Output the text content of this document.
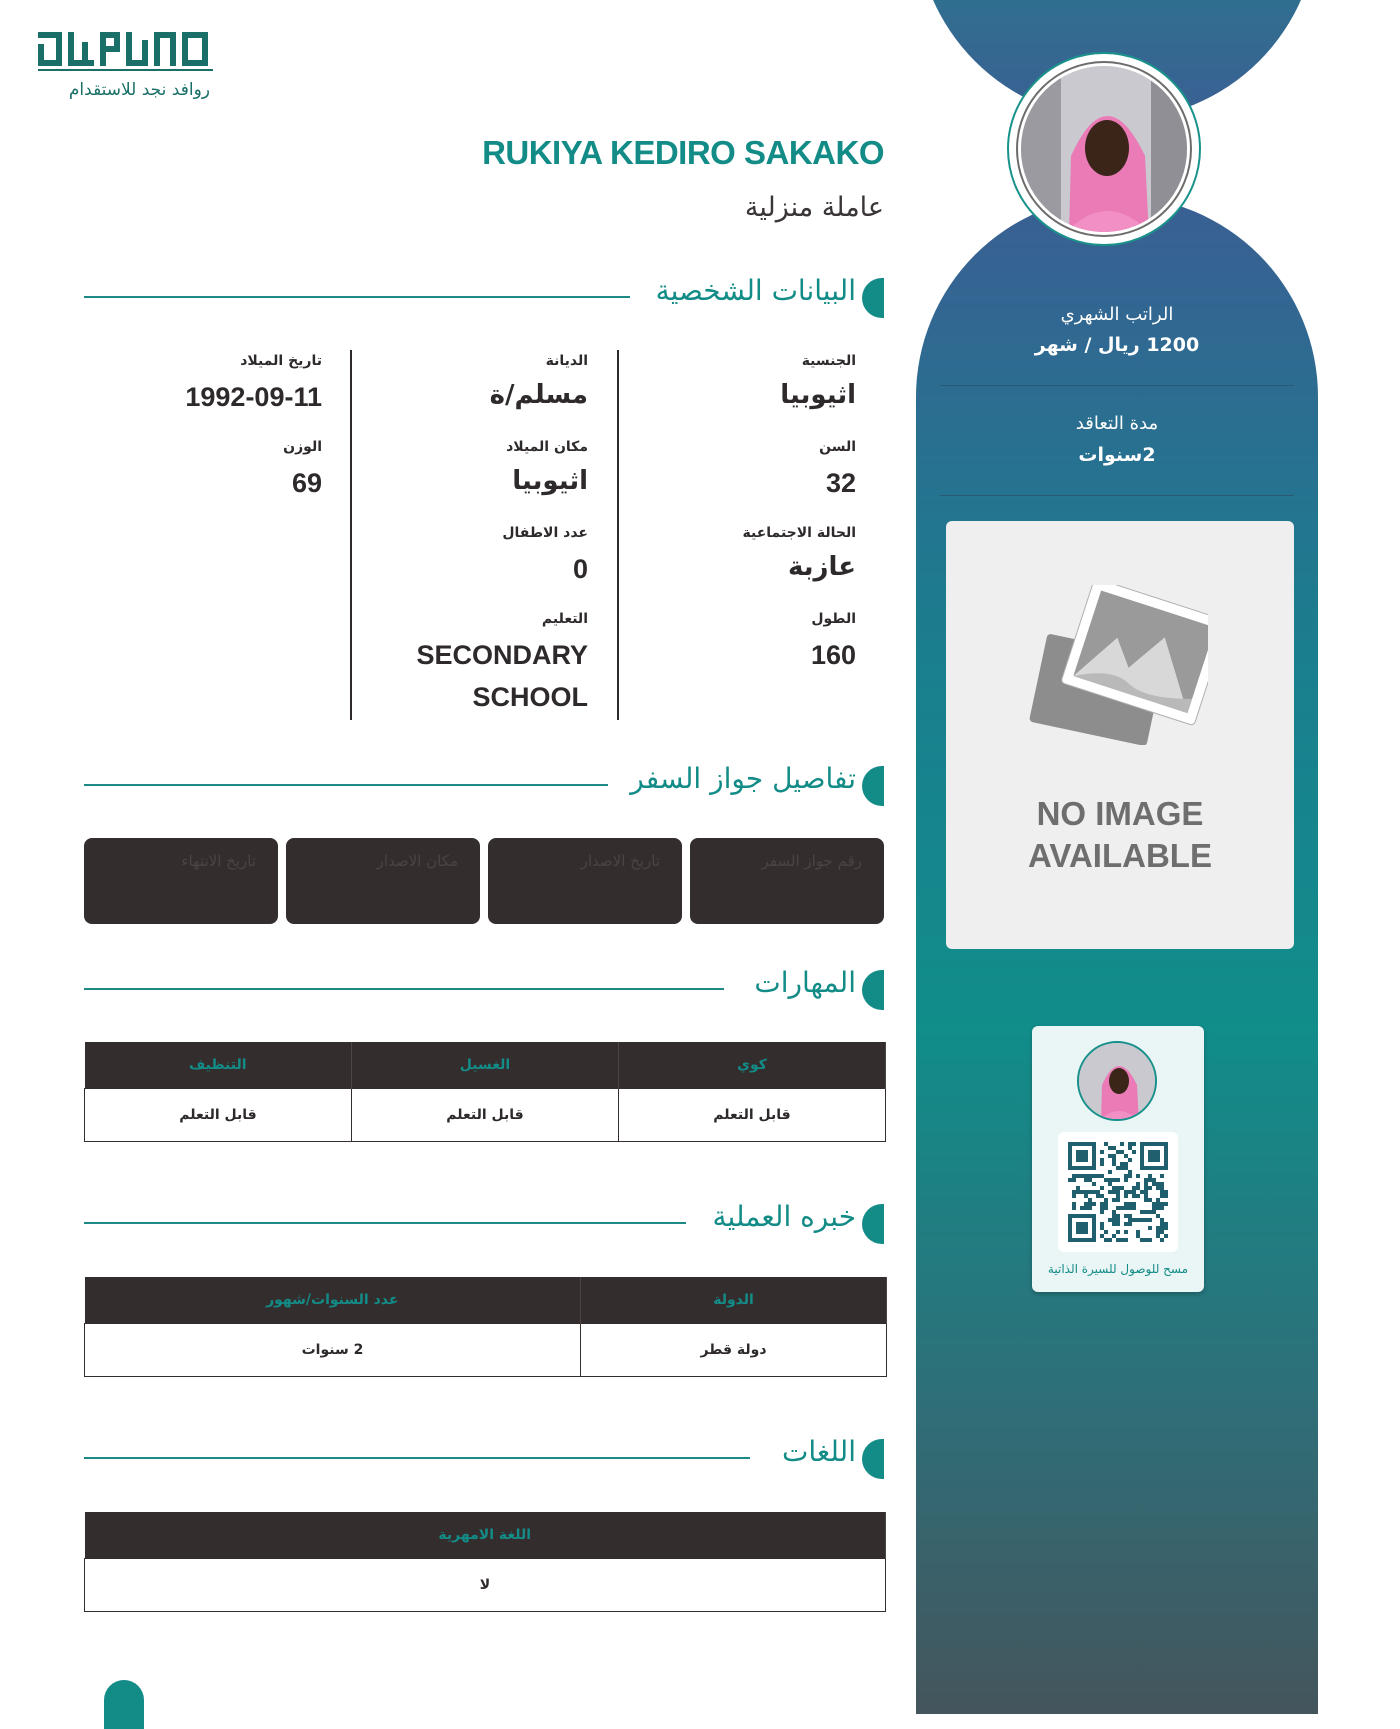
روافد نجد للاستقدام
RUKIYA KEDIRO SAKAKO
عاملة منزلية
البيانات الشخصية
الجنسية
اثيوبيا
السن
32
الحالة الاجتماعية
عازبة
الطول
160
الديانة
مسلم/ة
مكان الميلاد
اثيوبيا
عدد الاطفال
0
التعليم
SECONDARY
SCHOOL
تاريخ الميلاد
1992-09-11
الوزن
69
تفاصيل جواز السفر
رقم جواز السفر
تاريخ الاصدار
مكان الاصدار
تاريخ الانتهاء
المهارات
كوي	الغسيل	التنظيف
قابل التعلم	قابل التعلم	قابل التعلم
خبره العملية
الدولة	عدد السنوات/شهور
دولة قطر	2 سنوات
اللغات
اللغة الامهرية
لا
الراتب الشهري
1200 ريال / شهر
مدة التعاقد
2سنوات
NO IMAGE
AVAILABLE
مسح للوصول للسيرة الذاتية
